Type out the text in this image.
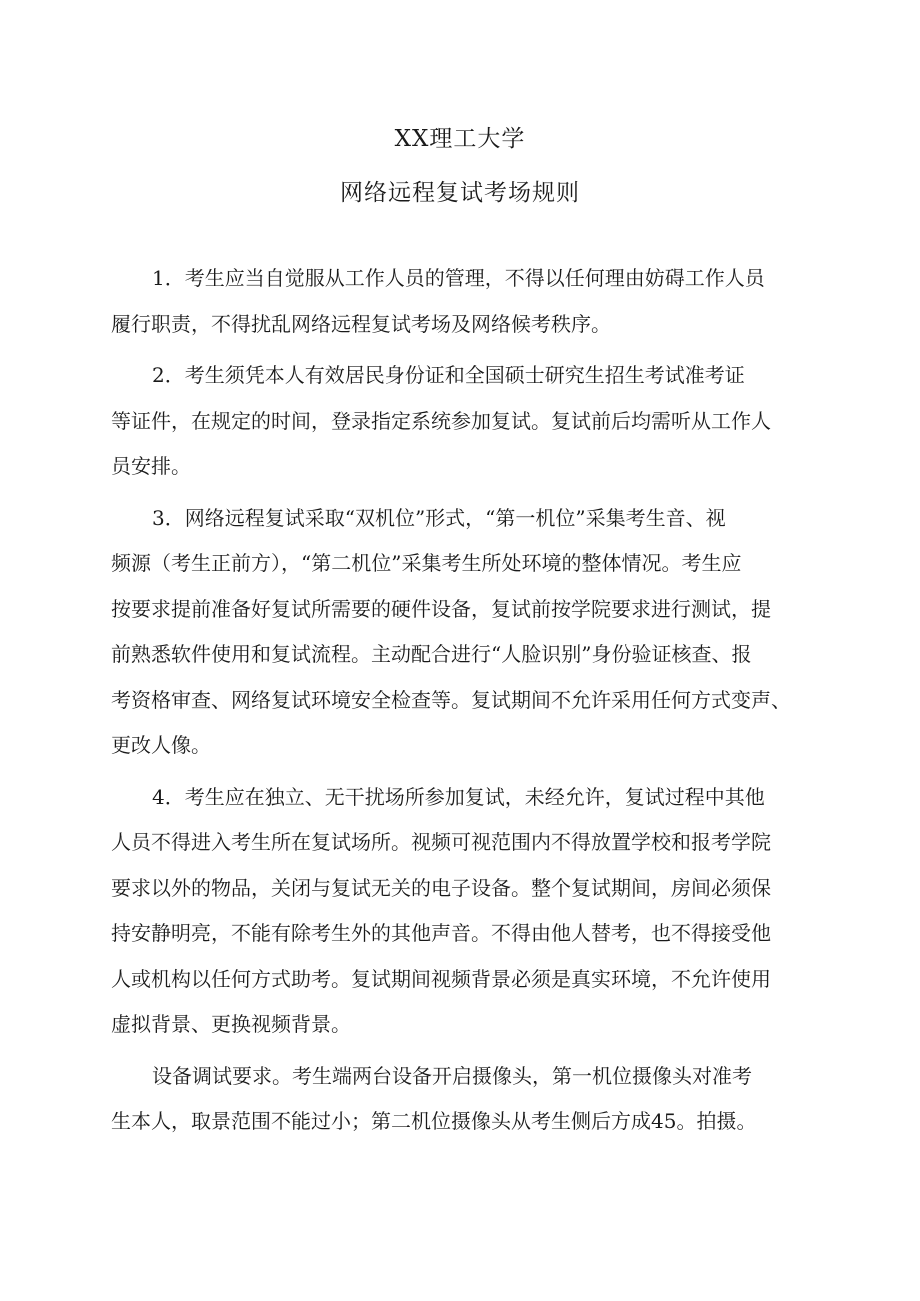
XX理工大学
网络远程复试考场规则
1．考生应当自觉服从工作人员的管理，不得以任何理由妨碍工作人员
履行职责，不得扰乱网络远程复试考场及网络候考秩序。
2．考生须凭本人有效居民身份证和全国硕士研究生招生考试准考证
等证件，在规定的时间，登录指定系统参加复试。复试前后均需听从工作人
员安排。
3．网络远程复试采取“双机位”形式，“第一机位”采集考生音、视
频源（考生正前方），“第二机位”采集考生所处环境的整体情况。考生应
按要求提前准备好复试所需要的硬件设备，复试前按学院要求进行测试，提
前熟悉软件使用和复试流程。主动配合进行“人脸识别”身份验证核查、报
考资格审查、网络复试环境安全检查等。复试期间不允许采用任何方式变声、
更改人像。
4．考生应在独立、无干扰场所参加复试，未经允许，复试过程中其他
人员不得进入考生所在复试场所。视频可视范围内不得放置学校和报考学院
要求以外的物品，关闭与复试无关的电子设备。整个复试期间，房间必须保
持安静明亮，不能有除考生外的其他声音。不得由他人替考，也不得接受他
人或机构以任何方式助考。复试期间视频背景必须是真实环境，不允许使用
虚拟背景、更换视频背景。
设备调试要求。考生端两台设备开启摄像头，第一机位摄像头对准考
生本人，取景范围不能过小；第二机位摄像头从考生侧后方成45。拍摄。
